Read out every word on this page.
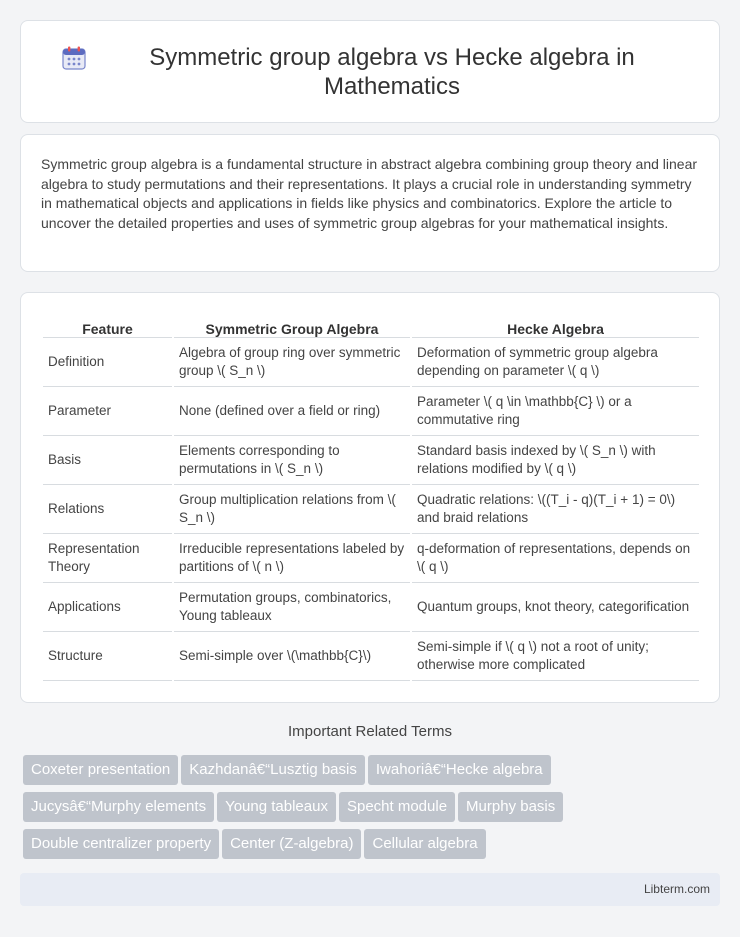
Symmetric group algebra vs Hecke algebra in Mathematics

Symmetric group algebra is a fundamental structure in abstract algebra combining group theory and linear algebra to study permutations and their representations. It plays a crucial role in understanding symmetry in mathematical objects and applications in fields like physics and combinatorics. Explore the article to uncover the detailed properties and uses of symmetric group algebras for your mathematical insights.

Feature	Symmetric Group Algebra	Hecke Algebra
Definition	Algebra of group ring over symmetric group \( S_n \)	Deformation of symmetric group algebra depending on parameter \( q \)
Parameter	None (defined over a field or ring)	Parameter \( q \in \mathbb{C} \) or a commutative ring
Basis	Elements corresponding to permutations in \( S_n \)	Standard basis indexed by \( S_n \) with relations modified by \( q \)
Relations	Group multiplication relations from \( S_n \)	Quadratic relations: \((T_i - q)(T_i + 1) = 0\) and braid relations
Representation Theory	Irreducible representations labeled by partitions of \( n \)	q-deformation of representations, depends on \( q \)
Applications	Permutation groups, combinatorics, Young tableaux	Quantum groups, knot theory, categorification
Structure	Semi-simple over \(\mathbb{C}\)	Semi-simple if \( q \) not a root of unity; otherwise more complicated
Important Related Terms
Coxeter presentation Kazhdanâ€“Lusztig basis Iwahoriâ€“Hecke algebra
Jucysâ€“Murphy elements Young tableaux Specht module Murphy basis
Double centralizer property Center (Z-algebra) Cellular algebra
Libterm.com
